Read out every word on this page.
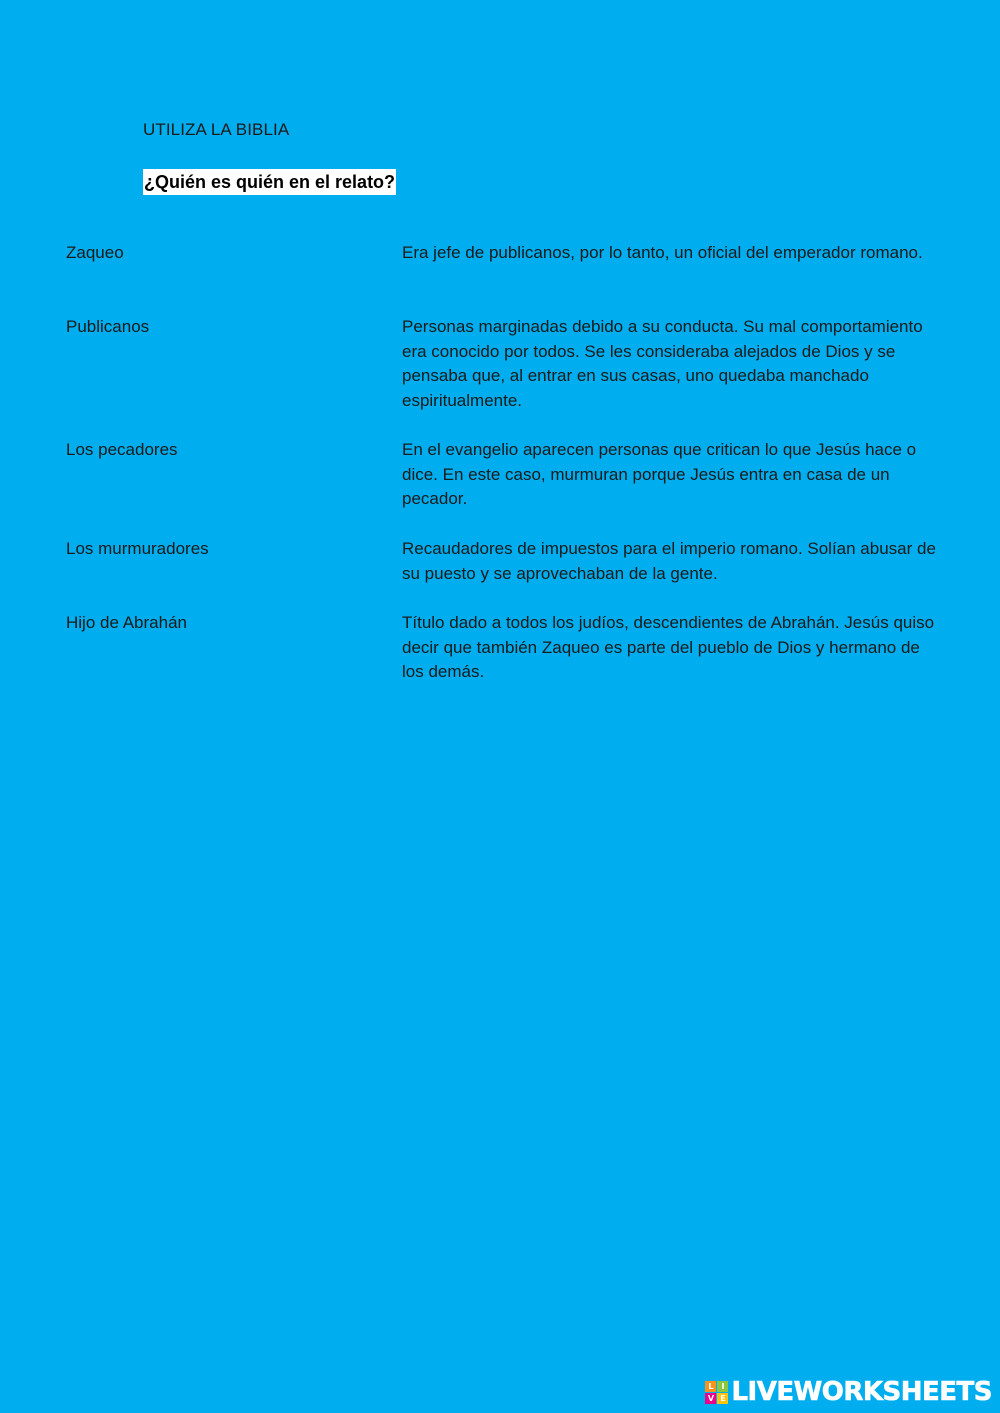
UTILIZA LA BIBLIA
¿Quién es quién en el relato?
Zaqueo	Era jefe de publicanos, por lo tanto, un oficial del emperador romano.
Publicanos	Personas marginadas debido a su conducta. Su mal comportamiento era conocido por todos. Se les consideraba alejados de Dios y se pensaba que, al entrar en sus casas, uno quedaba manchado espiritualmente.
Los pecadores	En el evangelio aparecen personas que critican lo que Jesús hace o dice. En este caso, murmuran porque Jesús entra en casa de un pecador.
Los murmuradores	Recaudadores de impuestos para el imperio romano. Solían abusar de su puesto y se aprovechaban de la gente.
Hijo de Abrahán	Título dado a todos los judíos, descendientes de Abrahán. Jesús quiso decir que también Zaqueo es parte del pueblo de Dios y hermano de los demás.
L I
V E LIVEWORKSHEETS
